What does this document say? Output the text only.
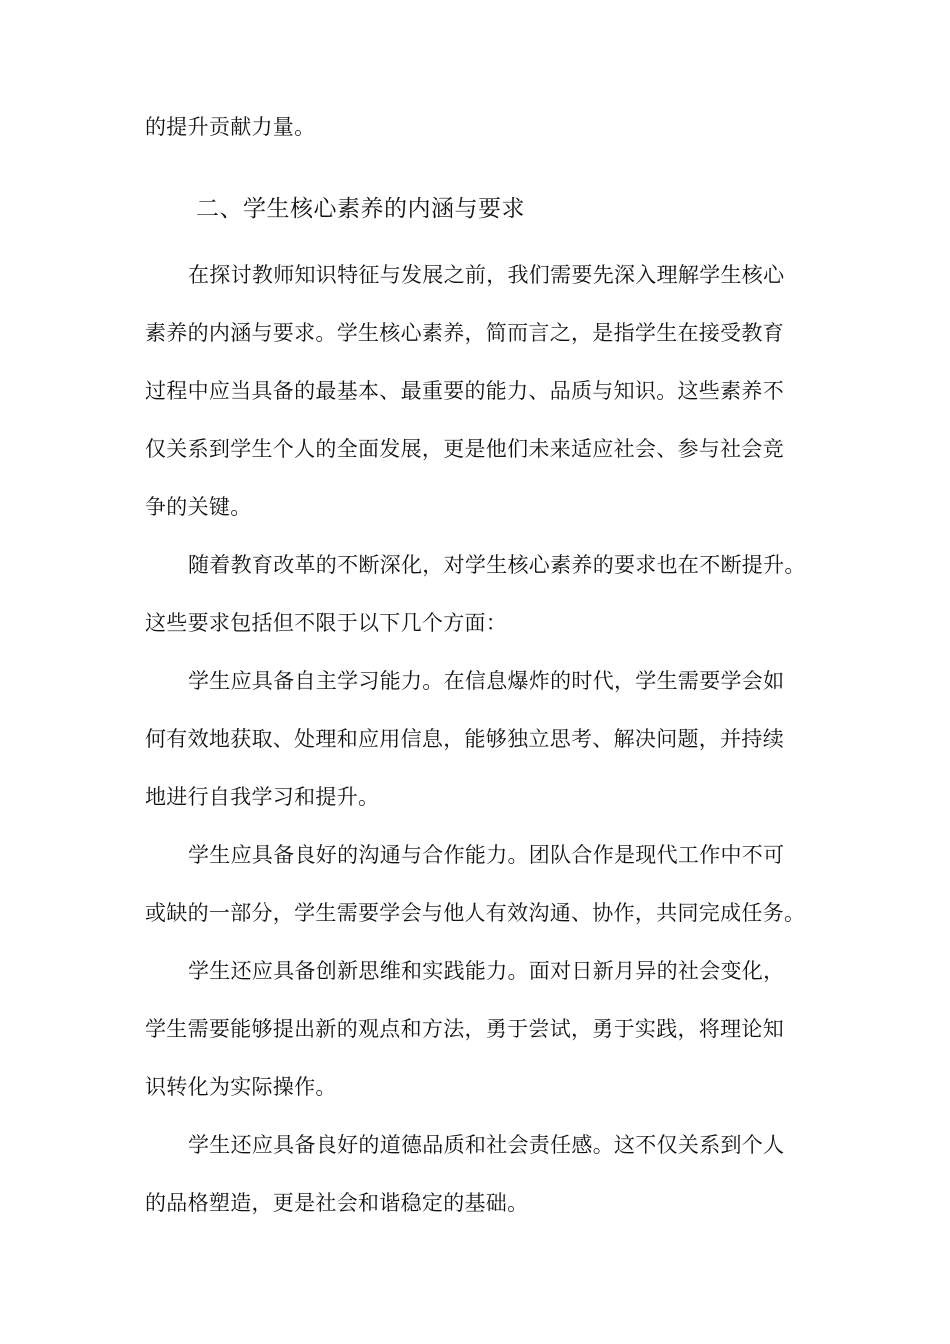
的提升贡献力量。
二、学生核心素养的内涵与要求
在探讨教师知识特征与发展之前，我们需要先深入理解学生核心
素养的内涵与要求。学生核心素养，简而言之，是指学生在接受教育
过程中应当具备的最基本、最重要的能力、品质与知识。这些素养不
仅关系到学生个人的全面发展，更是他们未来适应社会、参与社会竞
争的关键。
随着教育改革的不断深化，对学生核心素养的要求也在不断提升。
这些要求包括但不限于以下几个方面：
学生应具备自主学习能力。在信息爆炸的时代，学生需要学会如
何有效地获取、处理和应用信息，能够独立思考、解决问题，并持续
地进行自我学习和提升。
学生应具备良好的沟通与合作能力。团队合作是现代工作中不可
或缺的一部分，学生需要学会与他人有效沟通、协作，共同完成任务。
学生还应具备创新思维和实践能力。面对日新月异的社会变化，
学生需要能够提出新的观点和方法，勇于尝试，勇于实践，将理论知
识转化为实际操作。
学生还应具备良好的道德品质和社会责任感。这不仅关系到个人
的品格塑造，更是社会和谐稳定的基础。
